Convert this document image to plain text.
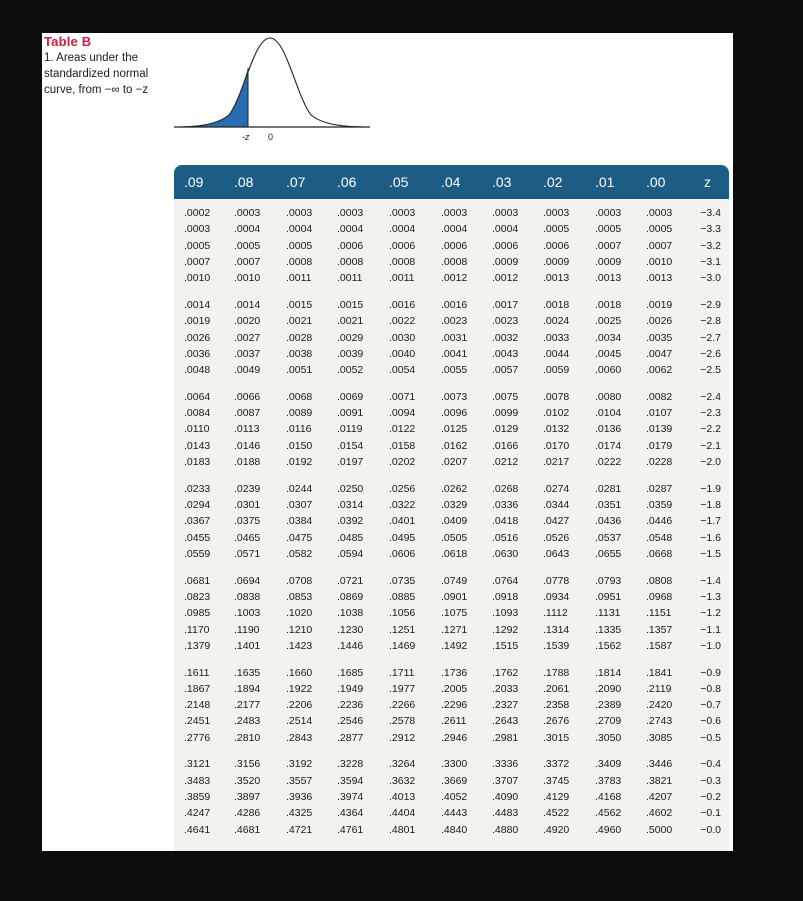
Table B
1. Areas under the standardized normal curve, from −∞ to −z
-z 0
.09 .08 .07 .06 .05 .04 .03 .02 .01 .00	z
.0002 .0003 .0003 .0003 .0003 .0003 .0003 .0003 .0003 .0003	−3.4
.0003 .0004 .0004 .0004 .0004 .0004 .0004 .0005 .0005 .0005	−3.3
.0005 .0005 .0005 .0006 .0006 .0006 .0006 .0006 .0007 .0007	−3.2
.0007 .0007 .0008 .0008 .0008 .0008 .0009 .0009 .0009 .0010	−3.1
.0010 .0010 .0011 .0011	.0011	.0012 .0012 .0013 .0013 .0013	−3.0
.0014 .0014 .0015 .0015 .0016 .0016 .0017 .0018 .0018 .0019	−2.9
.0019 .0020 .0021 .0021 .0022 .0023 .0023 .0024 .0025 .0026	−2.8
.0026 .0027 .0028 .0029 .0030 .0031 .0032 .0033 .0034 .0035	−2.7
.0036 .0037 .0038 .0039 .0040 .0041 .0043 .0044 .0045 .0047	−2.6
.0048 .0049 .0051 .0052 .0054 .0055 .0057 .0059 .0060 .0062	−2.5
.0064 .0066 .0068 .0069 .0071 .0073 .0075 .0078 .0080 .0082	−2.4
.0084 .0087 .0089 .0091 .0094 .0096 .0099 .0102 .0104 .0107	−2.3
.0110 .0113	.0116 .0119	.0122 .0125 .0129 .0132 .0136 .0139	−2.2
.0143 .0146 .0150 .0154 .0158 .0162 .0166 .0170 .0174 .0179	−2.1
.0183 .0188 .0192 .0197 .0202 .0207 .0212 .0217 .0222 .0228	−2.0
.0233 .0239 .0244 .0250 .0256 .0262 .0268 .0274 .0281 .0287	−1.9
.0294 .0301 .0307 .0314 .0322 .0329 .0336 .0344 .0351 .0359	−1.8
.0367 .0375 .0384 .0392 .0401 .0409 .0418 .0427 .0436 .0446	−1.7
.0455 .0465 .0475 .0485 .0495 .0505 .0516 .0526 .0537 .0548	−1.6
.0559 .0571 .0582 .0594 .0606 .0618 .0630 .0643 .0655 .0668	−1.5
.0681 .0694 .0708 .0721 .0735 .0749 .0764 .0778 .0793 .0808	−1.4
.0823 .0838 .0853 .0869 .0885 .0901 .0918 .0934 .0951 .0968	−1.3
.0985 .1003 .1020 .1038 .1056 .1075 .1093 .1112	.1131 .1151	−1.2
.1170 .1190	.1210 .1230 .1251 .1271 .1292 .1314 .1335 .1357	−1.1
.1379 .1401 .1423 .1446 .1469 .1492 .1515 .1539 .1562 .1587	−1.0
.1611 .1635 .1660 .1685 .1711	.1736 .1762 .1788 .1814 .1841	−0.9
.1867 .1894 .1922 .1949 .1977 .2005 .2033 .2061 .2090 .2119	−0.8
.2148 .2177 .2206 .2236 .2266 .2296 .2327 .2358 .2389 .2420	−0.7
.2451 .2483 .2514 .2546 .2578 .2611 .2643 .2676 .2709 .2743	−0.6
.2776 .2810 .2843 .2877 .2912 .2946 .2981 .3015 .3050 .3085	−0.5
.3121 .3156 .3192 .3228 .3264 .3300 .3336 .3372 .3409 .3446	−0.4
.3483 .3520 .3557 .3594 .3632 .3669 .3707 .3745 .3783 .3821	−0.3
.3859 .3897 .3936 .3974 .4013 .4052 .4090 .4129 .4168 .4207	−0.2
.4247 .4286 .4325 .4364 .4404 .4443 .4483 .4522 .4562 .4602	−0.1
.4641 .4681 .4721 .4761 .4801 .4840 .4880 .4920 .4960 .5000	−0.0
